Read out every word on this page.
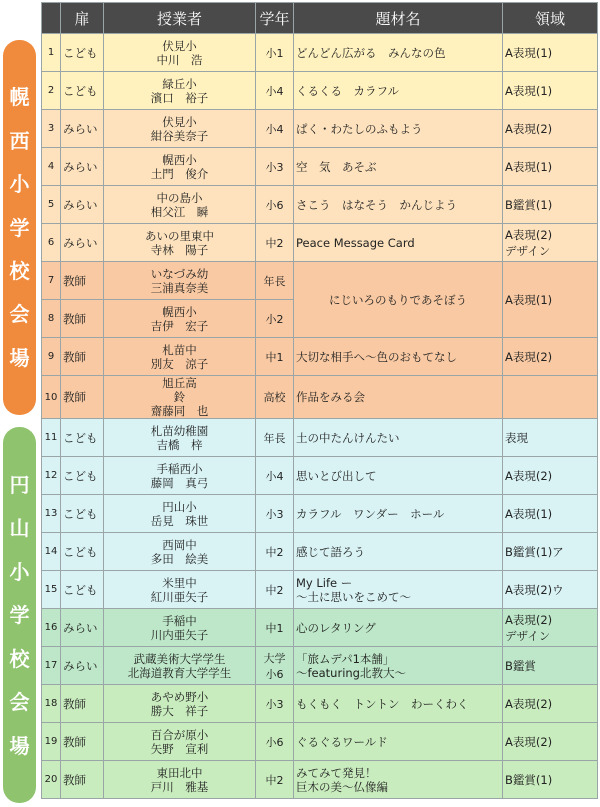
幌
西
小
学
校
会
場
円
山
小
学
校
会
場
	扉	授業者	学年	題材名	領域
1	こども	伏見小
中川　浩	小1	どんどん広がる　みんなの色	A表現(1)

2	こども	緑丘小
濱口　裕子	小4	くるくる　カラフル	A表現(1)

3	みらい	伏見小
紺谷美奈子	小4	ぱく・わたしのふもよう	A表現(2)

4	みらい	幌西小
土門　俊介	小3	空　気　あそぶ	A表現(1)

5	みらい	中の島小
相父江　瞬	小6	さこう　はなそう　かんじよう	B鑑賞(1)

6	みらい	あいの里東中
寺林　陽子	中2	Peace Message Card	A表現(2)
デザイン

7	教師	いなづみ幼
三浦真奈美	年長	にじいろのもりであそぼう	A表現(1)

8	教師	幌西小
吉伊　宏子	小2		

9	教師	札苗中
別友　涼子	中1	大切な相手へ～色のおもてなし	A表現(2)

10	教師	旭丘高
鈴
齋藤同　也	高校	作品をみる会	

11	こども	札苗幼稚園
吉橋　梓	年長	土の中たんけんたい	表現

12	こども	手稲西小
藤岡　真弓	小4	思いとび出して	A表現(2)

13	こども	円山小
岳見　珠世	小3	カラフル　ワンダー　ホール	A表現(1)

14	こども	西岡中
多田　絵美	中2	感じて語ろう	B鑑賞(1)ア

15	こども	米里中
紅川亜矢子	中2	My Life ー
～土に思いをこめて～	A表現(2)ウ

16	みらい	手稲中
川内亜矢子	中1	心のレタリング	A表現(2)
デザイン

17	みらい	武蔵美術大学学生
北海道教育大学学生	大学
小6	「旅ムデパ1本舗」
～featuring北教大～	B鑑賞

18	教師	あやめ野小
勝大　祥子	小3	もくもく　トントン　わーくわく	A表現(2)

19	教師	百合が原小
矢野　宣利	小6	ぐるぐるワールド	A表現(2)

20	教師	東田北中
戸川　雅基	中2	みてみて発見！
巨木の美～仏像編	B鑑賞(1)
